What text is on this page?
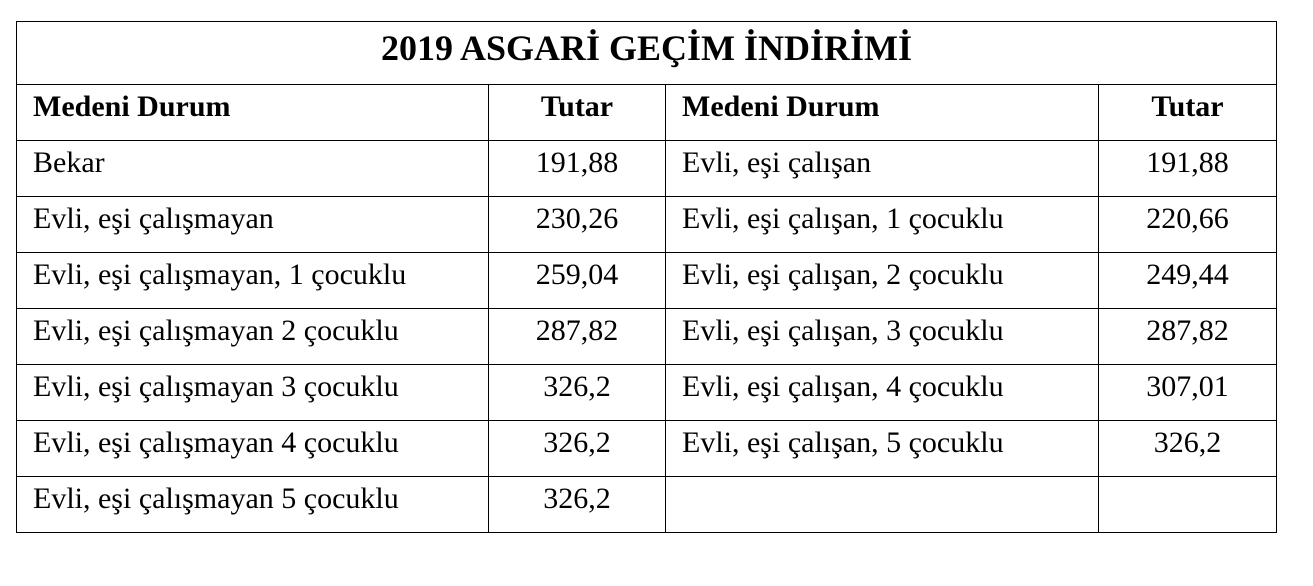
2019 ASGARİ GEÇİM İNDİRİMİ			
Medeni Durum	Tutar	Medeni Durum	Tutar
Bekar	191,88	Evli, eşi çalışan	191,88
Evli, eşi çalışmayan	230,26	Evli, eşi çalışan, 1 çocuklu	220,66
Evli, eşi çalışmayan, 1 çocuklu	259,04	Evli, eşi çalışan, 2 çocuklu	249,44
Evli, eşi çalışmayan 2 çocuklu	287,82	Evli, eşi çalışan, 3 çocuklu	287,82
Evli, eşi çalışmayan 3 çocuklu	326,2	Evli, eşi çalışan, 4 çocuklu	307,01
Evli, eşi çalışmayan 4 çocuklu	326,2	Evli, eşi çalışan, 5 çocuklu	326,2
Evli, eşi çalışmayan 5 çocuklu	326,2		
